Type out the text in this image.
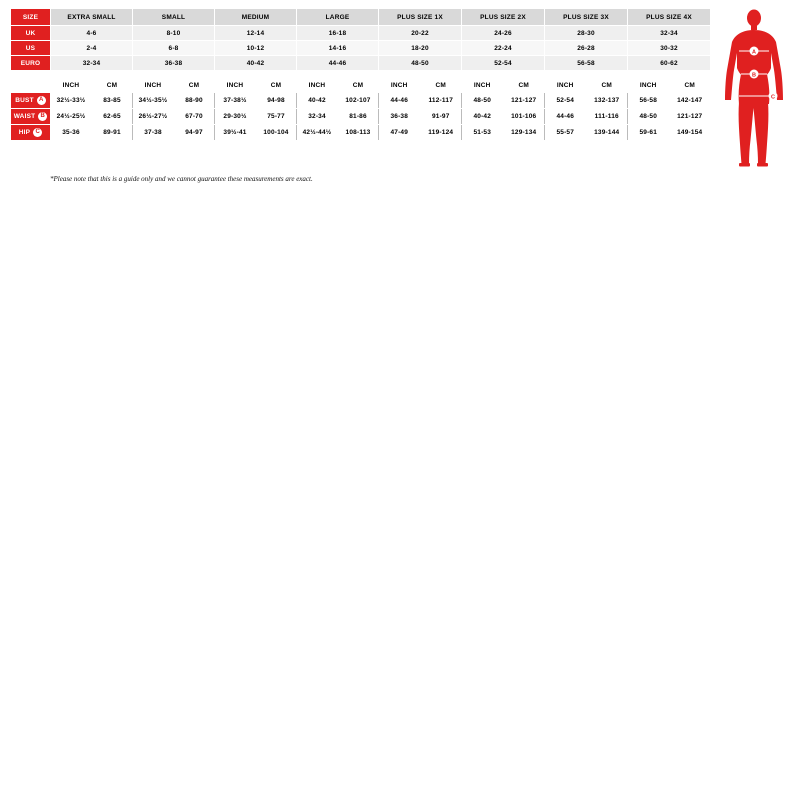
SIZE	EXTRA SMALL	SMALL	MEDIUM	LARGE	PLUS SIZE 1X	PLUS SIZE 2X	PLUS SIZE 3X	PLUS SIZE 4X
UK	4-6	8-10	12-14	16-18	20-22	24-26	28-30	32-34
US	2-4	6-8	10-12	14-16	18-20	22-24	26-28	30-32
EURO	32-34	36-38	40-42	44-46	48-50	52-54	56-58	60-62
	INCH	CM	INCH	CM	INCH	CM	INCH	CM	INCH	CM	INCH	CM	INCH	CM	INCH	CM
BUST A	32½-33½	83-85	34½-35½	88-90	37-38½	94-98	40-42	102-107	44-46	112-117	48-50	121-127	52-54	132-137	56-58	142-147
WAIST B	24½-25½	62-65	26½-27½	67-70	29-30½	75-77	32-34	81-86	36-38	91-97	40-42	101-106	44-46	111-116	48-50	121-127
HIP C	35-36	89-91	37-38	94-97	39½-41	100-104	42½-44½	108-113	47-49	119-124	51-53	129-134	55-57	139-144	59-61	149-154
*Please note that this is a guide only and we cannot guarantee these measurements are exact.
A
B
C
